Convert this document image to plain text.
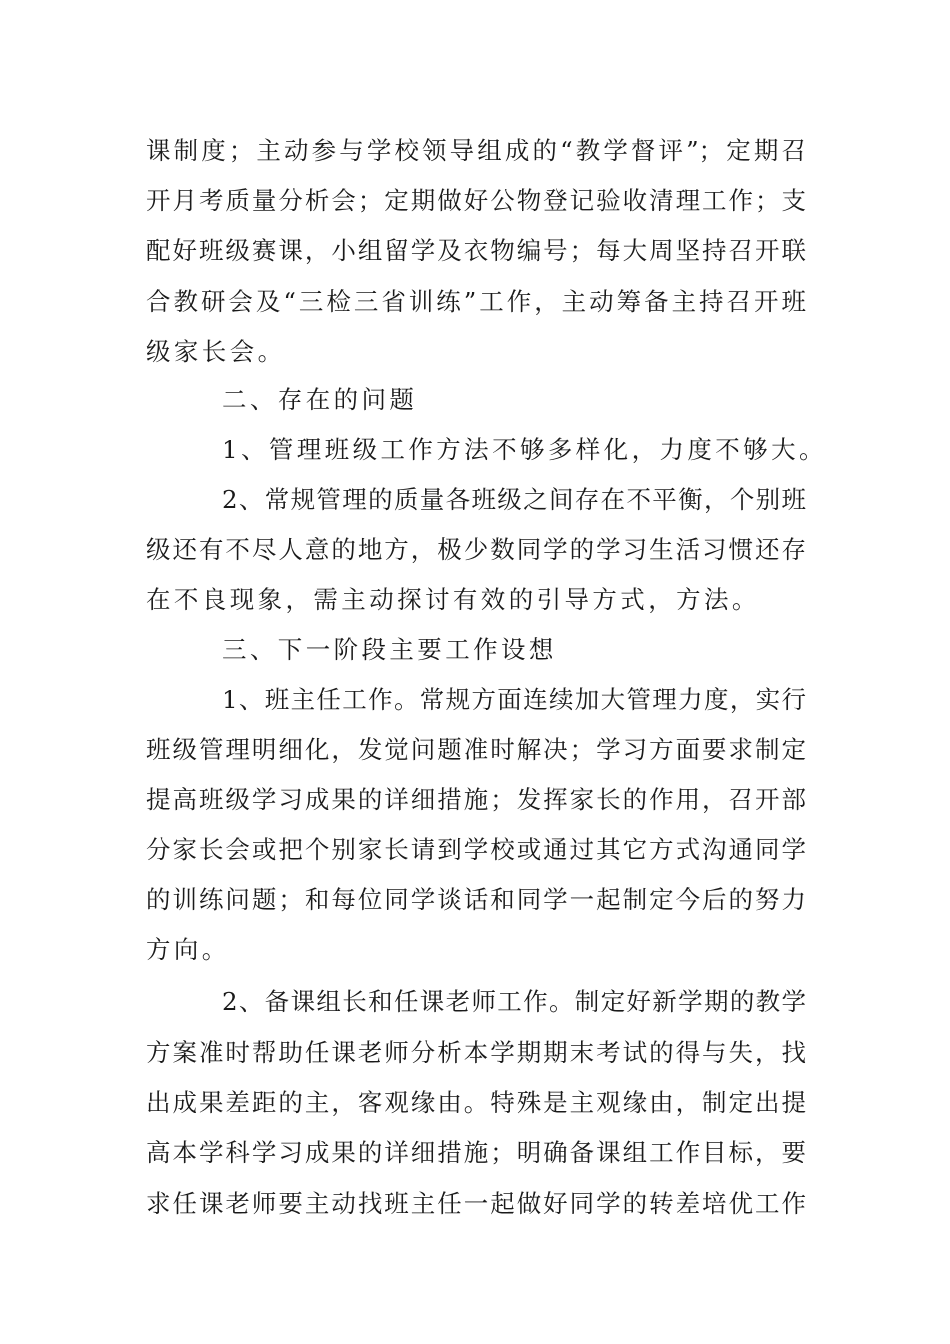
课制度；主动参与学校领导组成的“教学督评”；定期召
开月考质量分析会；定期做好公物登记验收清理工作；支
配好班级赛课，小组留学及衣物编号；每大周坚持召开联
合教研会及“三检三省训练”工作，主动筹备主持召开班
级家长会。
二、存在的问题
1、管理班级工作方法不够多样化，力度不够大。
2、常规管理的质量各班级之间存在不平衡，个别班
级还有不尽人意的地方，极少数同学的学习生活习惯还存
在不良现象，需主动探讨有效的引导方式，方法。
三、下一阶段主要工作设想
1、班主任工作。常规方面连续加大管理力度，实行
班级管理明细化，发觉问题准时解决；学习方面要求制定
提高班级学习成果的详细措施；发挥家长的作用，召开部
分家长会或把个别家长请到学校或通过其它方式沟通同学
的训练问题；和每位同学谈话和同学一起制定今后的努力
方向。
2、备课组长和任课老师工作。制定好新学期的教学
方案准时帮助任课老师分析本学期期末考试的得与失，找
出成果差距的主，客观缘由。特殊是主观缘由，制定出提
高本学科学习成果的详细措施；明确备课组工作目标，要
求任课老师要主动找班主任一起做好同学的转差培优工作
